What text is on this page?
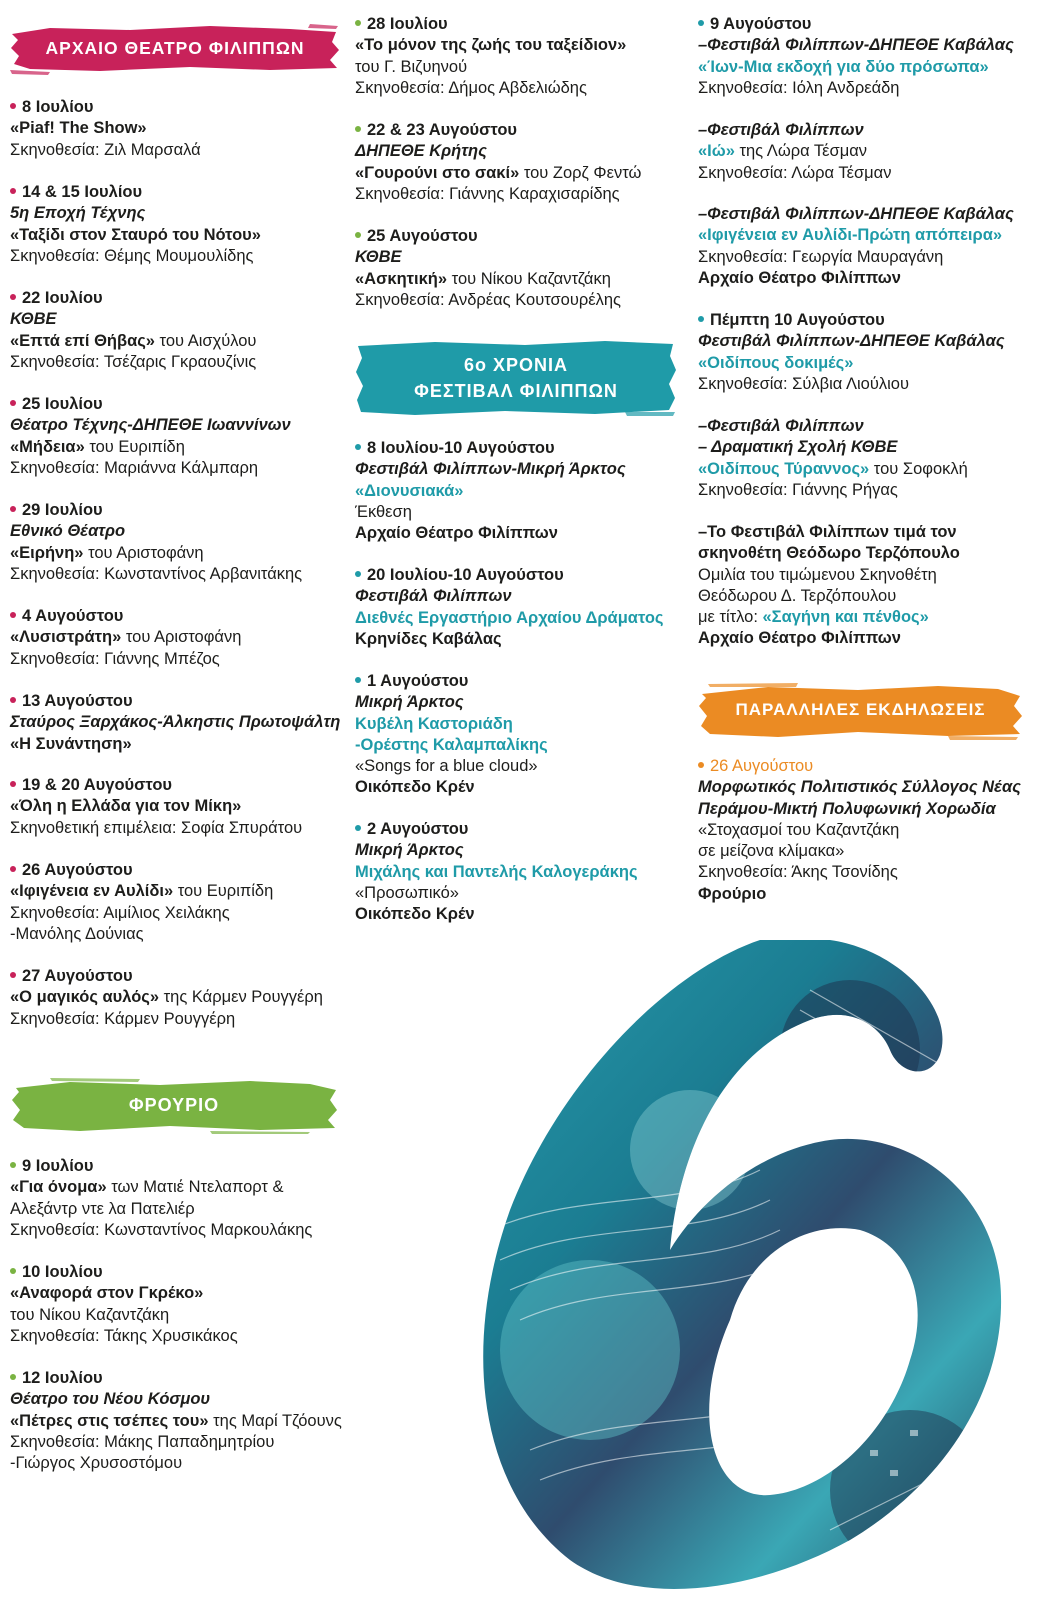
ΑΡΧΑΙΟ ΘΕΑΤΡΟ ΦΙΛΙΠΠΩΝ
8 Ιουλίου
«Piaf! The Show»
Σκηνοθεσία: Ζιλ Μαρσαλά
14 & 15 Ιουλίου
5η Εποχή Τέχνης
«Ταξίδι στον Σταυρό του Νότου»
Σκηνοθεσία: Θέμης Μουμουλίδης
22 Ιουλίου
ΚΘΒΕ
«Επτά επί Θήβας» του Αισχύλου
Σκηνοθεσία: Τσέζαρις Γκραουζίνις
25 Ιουλίου
Θέατρο Τέχνης-ΔΗΠΕΘΕ Ιωαννίνων
«Μήδεια» του Ευριπίδη
Σκηνοθεσία: Μαριάννα Κάλμπαρη
29 Ιουλίου
Εθνικό Θέατρο
«Ειρήνη» του Αριστοφάνη
Σκηνοθεσία: Κωνσταντίνος Αρβανιτάκης
4 Αυγούστου
«Λυσιστράτη» του Αριστοφάνη
Σκηνοθεσία: Γιάννης Μπέζος
13 Αυγούστου
Σταύρος Ξαρχάκος-Άλκηστις Πρωτοψάλτη
«Η Συνάντηση»
19 & 20 Αυγούστου
«Όλη η Ελλάδα για τον Μίκη»
Σκηνοθετική επιμέλεια: Σοφία Σπυράτου
26 Αυγούστου
«Ιφιγένεια εν Αυλίδι» του Ευριπίδη
Σκηνοθεσία: Αιμίλιος Χειλάκης
-Μανόλης Δούνιας
27 Αυγούστου
«Ο μαγικός αυλός» της Κάρμεν Ρουγγέρη
Σκηνοθεσία: Κάρμεν Ρουγγέρη
ΦΡΟΥΡΙΟ
9 Ιουλίου
«Για όνομα» των Ματιέ Ντελαπορτ &
Αλεξάντρ ντε λα Πατελιέρ
Σκηνοθεσία: Κωνσταντίνος Μαρκουλάκης
10 Ιουλίου
«Αναφορά στον Γκρέκο»
του Νίκου Καζαντζάκη
Σκηνοθεσία: Τάκης Χρυσικάκος
12 Ιουλίου
Θέατρο του Νέου Κόσμου
«Πέτρες στις τσέπες του» της Μαρί Τζόουνς
Σκηνοθεσία: Μάκης Παπαδημητρίου
-Γιώργος Χρυσοστόμου
28 Ιουλίου
«Το μόνον της ζωής του ταξείδιον»
του Γ. Βιζυηνού
Σκηνοθεσία: Δήμος Αβδελιώδης
22 & 23 Αυγούστου
ΔΗΠΕΘΕ Κρήτης
«Γουρούνι στο σακί» του Ζορζ Φεντώ
Σκηνοθεσία: Γιάννης Καραχισαρίδης
25 Αυγούστου
ΚΘΒΕ
«Ασκητική» του Νίκου Καζαντζάκη
Σκηνοθεσία: Ανδρέας Κουτσουρέλης
6ο ΧΡΟΝΙΑ
ΦΕΣΤΙΒΑΛ ΦΙΛΙΠΠΩΝ
8 Ιουλίου-10 Αυγούστου
Φεστιβάλ Φιλίππων-Μικρή Άρκτος
«Διονυσιακά»
Έκθεση
Αρχαίο Θέατρο Φιλίππων
20 Ιουλίου-10 Αυγούστου
Φεστιβάλ Φιλίππων
Διεθνές Εργαστήριο Αρχαίου Δράματος
Κρηνίδες Καβάλας
1 Αυγούστου
Μικρή Άρκτος
Κυβέλη Καστοριάδη
-Ορέστης Καλαμπαλίκης
«Songs for a blue cloud»
Οικόπεδο Κρέν
2 Αυγούστου
Μικρή Άρκτος
Μιχάλης και Παντελής Καλογεράκης
«Προσωπικό»
Οικόπεδο Κρέν
9 Αυγούστου
–Φεστιβάλ Φιλίππων-ΔΗΠΕΘΕ Καβάλας
«Ίων-Μια εκδοχή για δύο πρόσωπα»
Σκηνοθεσία: Ιόλη Ανδρεάδη
–Φεστιβάλ Φιλίππων
«Ιώ» της Λώρα Τέσμαν
Σκηνοθεσία: Λώρα Τέσμαν
–Φεστιβάλ Φιλίππων-ΔΗΠΕΘΕ Καβάλας
«Ιφιγένεια εν Αυλίδι-Πρώτη απόπειρα»
Σκηνοθεσία: Γεωργία Μαυραγάνη
Αρχαίο Θέατρο Φιλίππων
Πέμπτη 10 Αυγούστου
Φεστιβάλ Φιλίππων-ΔΗΠΕΘΕ Καβάλας
«Οιδίπους δοκιμές»
Σκηνοθεσία: Σύλβια Λιούλιου
–Φεστιβάλ Φιλίππων
– Δραματική Σχολή ΚΘΒΕ
«Οιδίπους Τύραννος» του Σοφοκλή
Σκηνοθεσία: Γιάννης Ρήγας
–Το Φεστιβάλ Φιλίππων τιμά τον
σκηνοθέτη Θεόδωρο Τερζόπουλο
Ομιλία του τιμώμενου Σκηνοθέτη
Θεόδωρου Δ. Τερζόπουλου
με τίτλο: «Σαγήνη και πένθος»
Αρχαίο Θέατρο Φιλίππων
ΠΑΡΑΛΛΗΛΕΣ ΕΚΔΗΛΩΣΕΙΣ
26 Αυγούστου
Μορφωτικός Πολιτιστικός Σύλλογος Νέας
Περάμου-Μικτή Πολυφωνική Χορωδία
«Στοχασμοί του Καζαντζάκη
σε μείζονα κλίμακα»
Σκηνοθεσία: Άκης Τσονίδης
Φρούριο
